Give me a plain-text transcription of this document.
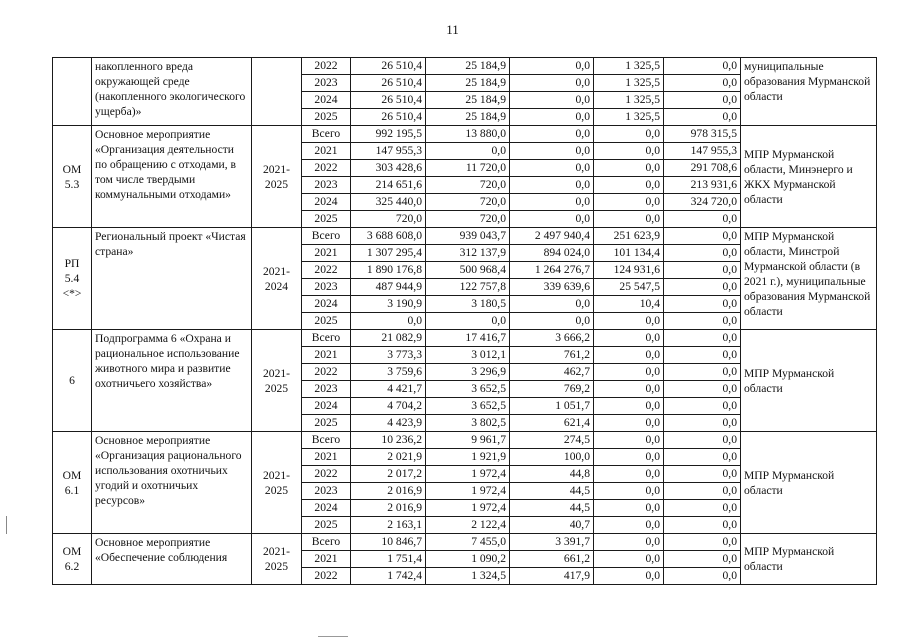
11
	накопленного вреда окружающей среде (накопленного экологического ущерба)»		2022	26 510,4	25 184,9	0,0	1 325,5	0,0	муниципальные образования Мурманской области
			2023	26 510,4	25 184,9	0,0	1 325,5	0,0	
			2024	26 510,4	25 184,9	0,0	1 325,5	0,0	
			2025	26 510,4	25 184,9	0,0	1 325,5	0,0	
ОМ 5.3	Основное мероприятие «Организация деятельности по обращению с отходами, в том числе твердыми коммунальными отходами»	2021-2025	Всего	992 195,5	13 880,0	0,0	0,0	978 315,5	МПР Мурманской области, Минэнерго и ЖКХ Мурманской области
			2021	147 955,3	0,0	0,0	0,0	147 955,3	
			2022	303 428,6	11 720,0	0,0	0,0	291 708,6	
			2023	214 651,6	720,0	0,0	0,0	213 931,6	
			2024	325 440,0	720,0	0,0	0,0	324 720,0	
			2025	720,0	720,0	0,0	0,0	0,0	
РП 5.4 <*>	Региональный проект «Чистая страна»	2021-2024	Всего	3 688 608,0	939 043,7	2 497 940,4	251 623,9	0,0	МПР Мурманской области, Минстрой Мурманской области (в 2021 г.), муниципальные образования Мурманской области
			2021	1 307 295,4	312 137,9	894 024,0	101 134,4	0,0	
			2022	1 890 176,8	500 968,4	1 264 276,7	124 931,6	0,0	
			2023	487 944,9	122 757,8	339 639,6	25 547,5	0,0	
			2024	3 190,9	3 180,5	0,0	10,4	0,0	
			2025	0,0	0,0	0,0	0,0	0,0	
6	Подпрограмма 6 «Охрана и рациональное использование животного мира и развитие охотничьего хозяйства»	2021-2025	Всего	21 082,9	17 416,7	3 666,2	0,0	0,0	МПР Мурманской области
			2021	3 773,3	3 012,1	761,2	0,0	0,0	
			2022	3 759,6	3 296,9	462,7	0,0	0,0	
			2023	4 421,7	3 652,5	769,2	0,0	0,0	
			2024	4 704,2	3 652,5	1 051,7	0,0	0,0	
			2025	4 423,9	3 802,5	621,4	0,0	0,0	
ОМ 6.1	Основное мероприятие «Организация рационального использования охотничьих угодий и охотничьих ресурсов»	2021-2025	Всего	10 236,2	9 961,7	274,5	0,0	0,0	МПР Мурманской области
			2021	2 021,9	1 921,9	100,0	0,0	0,0	
			2022	2 017,2	1 972,4	44,8	0,0	0,0	
			2023	2 016,9	1 972,4	44,5	0,0	0,0	
			2024	2 016,9	1 972,4	44,5	0,0	0,0	
			2025	2 163,1	2 122,4	40,7	0,0	0,0	
ОМ 6.2	Основное мероприятие «Обеспечение соблюдения	2021-2025	Всего	10 846,7	7 455,0	3 391,7	0,0	0,0	МПР Мурманской области
			2021	1 751,4	1 090,2	661,2	0,0	0,0	
			2022	1 742,4	1 324,5	417,9	0,0	0,0	
